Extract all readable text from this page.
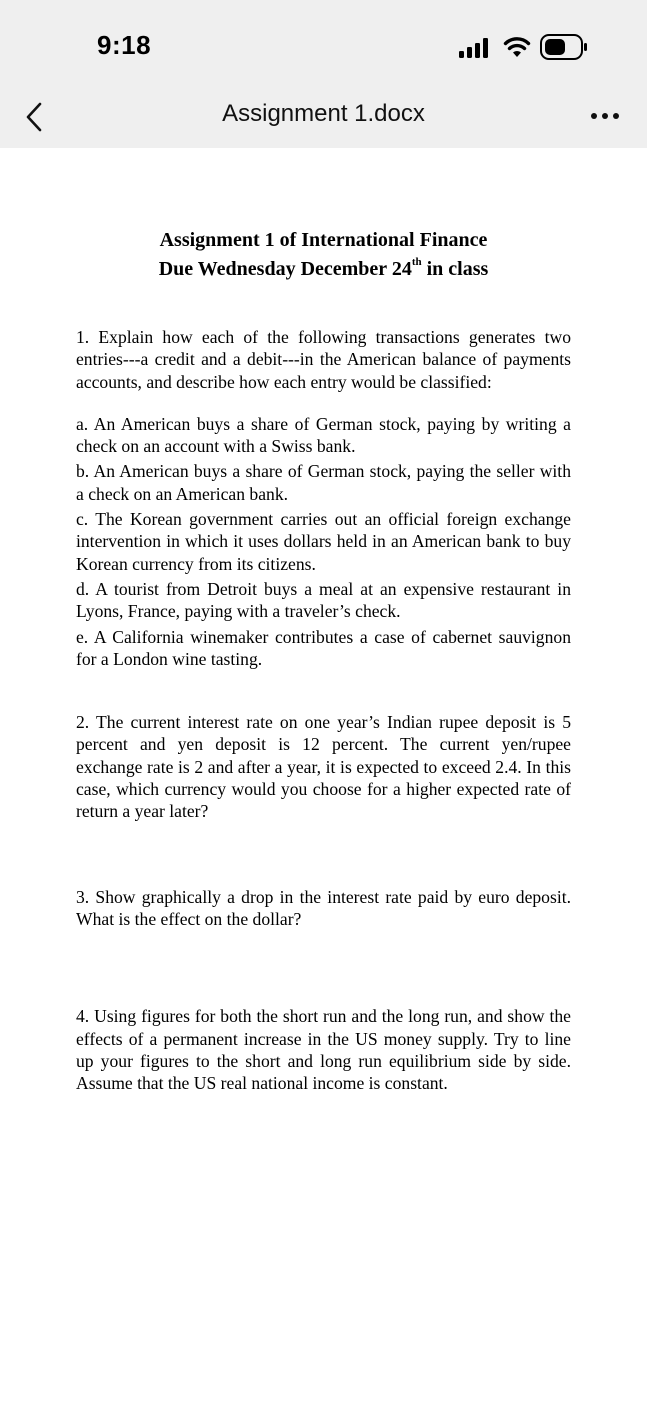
9:18
Assignment 1.docx
Assignment 1 of International Finance
Due Wednesday December 24th in class

1. Explain how each of the following transactions generates two entries---a credit and a debit---in the American balance of payments accounts, and describe how each entry would be classified:

a. An American buys a share of German stock, paying by writing a check on an account with a Swiss bank.

b. An American buys a share of German stock, paying the seller with a check on an American bank.

c. The Korean government carries out an official foreign exchange intervention in which it uses dollars held in an American bank to buy Korean currency from its citizens.

d. A tourist from Detroit buys a meal at an expensive restaurant in Lyons, France, paying with a traveler’s check.

e. A California winemaker contributes a case of cabernet sauvignon for a London wine tasting.

2. The current interest rate on one year’s Indian rupee deposit is 5 percent and yen deposit is 12 percent. The current yen/rupee exchange rate is 2 and after a year, it is expected to exceed 2.4. In this case, which currency would you choose for a higher expected rate of return a year later?

3. Show graphically a drop in the interest rate paid by euro deposit. What is the effect on the dollar?

4. Using figures for both the short run and the long run, and show the effects of a permanent increase in the US money supply. Try to line up your figures to the short and long run equilibrium side by side. Assume that the US real national income is constant.
